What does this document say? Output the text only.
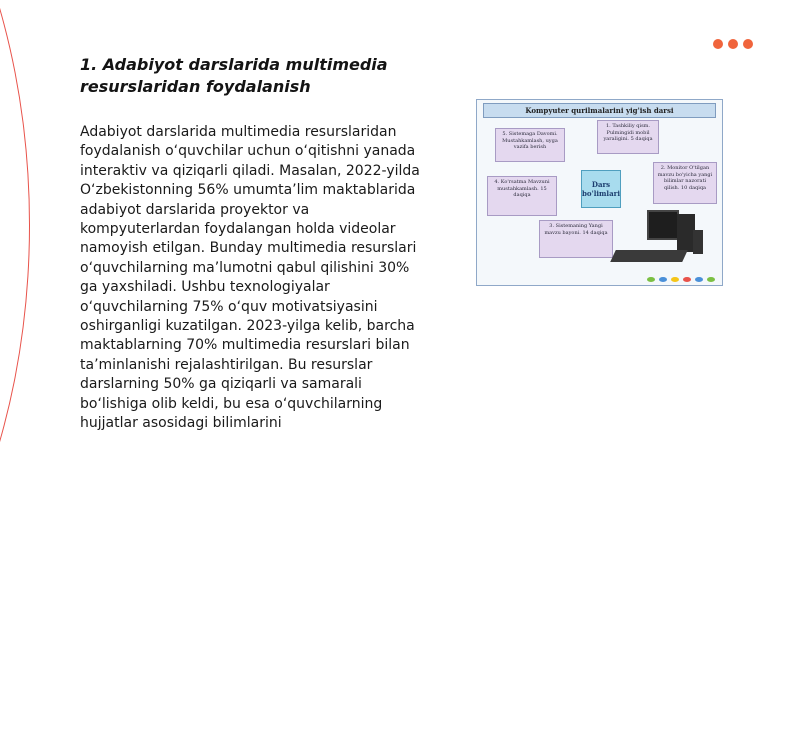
1. Adabiyot darslarida multimedia resurslaridan foydalanish

Adabiyot darslarida multimedia resurslaridan foydalanish o‘quvchilar uchun o‘qitishni yanada interaktiv va qiziqarli qiladi. Masalan, 2022-yilda O‘zbekistonning 56% umumta’lim maktablarida adabiyot darslarida proyektor va kompyuterlardan foydalangan holda videolar namoyish etilgan. Bunday multimedia resurslari o‘quvchilarning ma’lumotni qabul qilishini 30% ga yaxshiladi. Ushbu texnologiyalar o‘quvchilarning 75% o‘quv motivatsiyasini oshirganligi kuzatilgan. 2023-yilga kelib, barcha maktablarning 70% multimedia resurslari bilan ta’minlanishi rejalashtirilgan. Bu resurslar darslarning 50% ga qiziqarli va samarali bo‘lishiga olib keldi, bu esa o‘quvchilarning hujjatlar asosidagi bilimlarini

Kompyuter qurilmalarini yig'ish darsi
1. Tashkiliy qism. Pulmingidi mobil yaraligini. 5 daqiqa
2. Monitor O'tilgan mavzu bo'yicha yangi bilimlar nazorati qilish. 10 daqiqa
3. Sistemaning Yangi mavzu bayoni. 14 daqiqa
4. Ko'rsatma Mavzuni mustahkamlash. 15 daqiqa
5. Sistemaga Davomi. Mustahkamlash, uyga vazifa berish
Dars bo'limlari
